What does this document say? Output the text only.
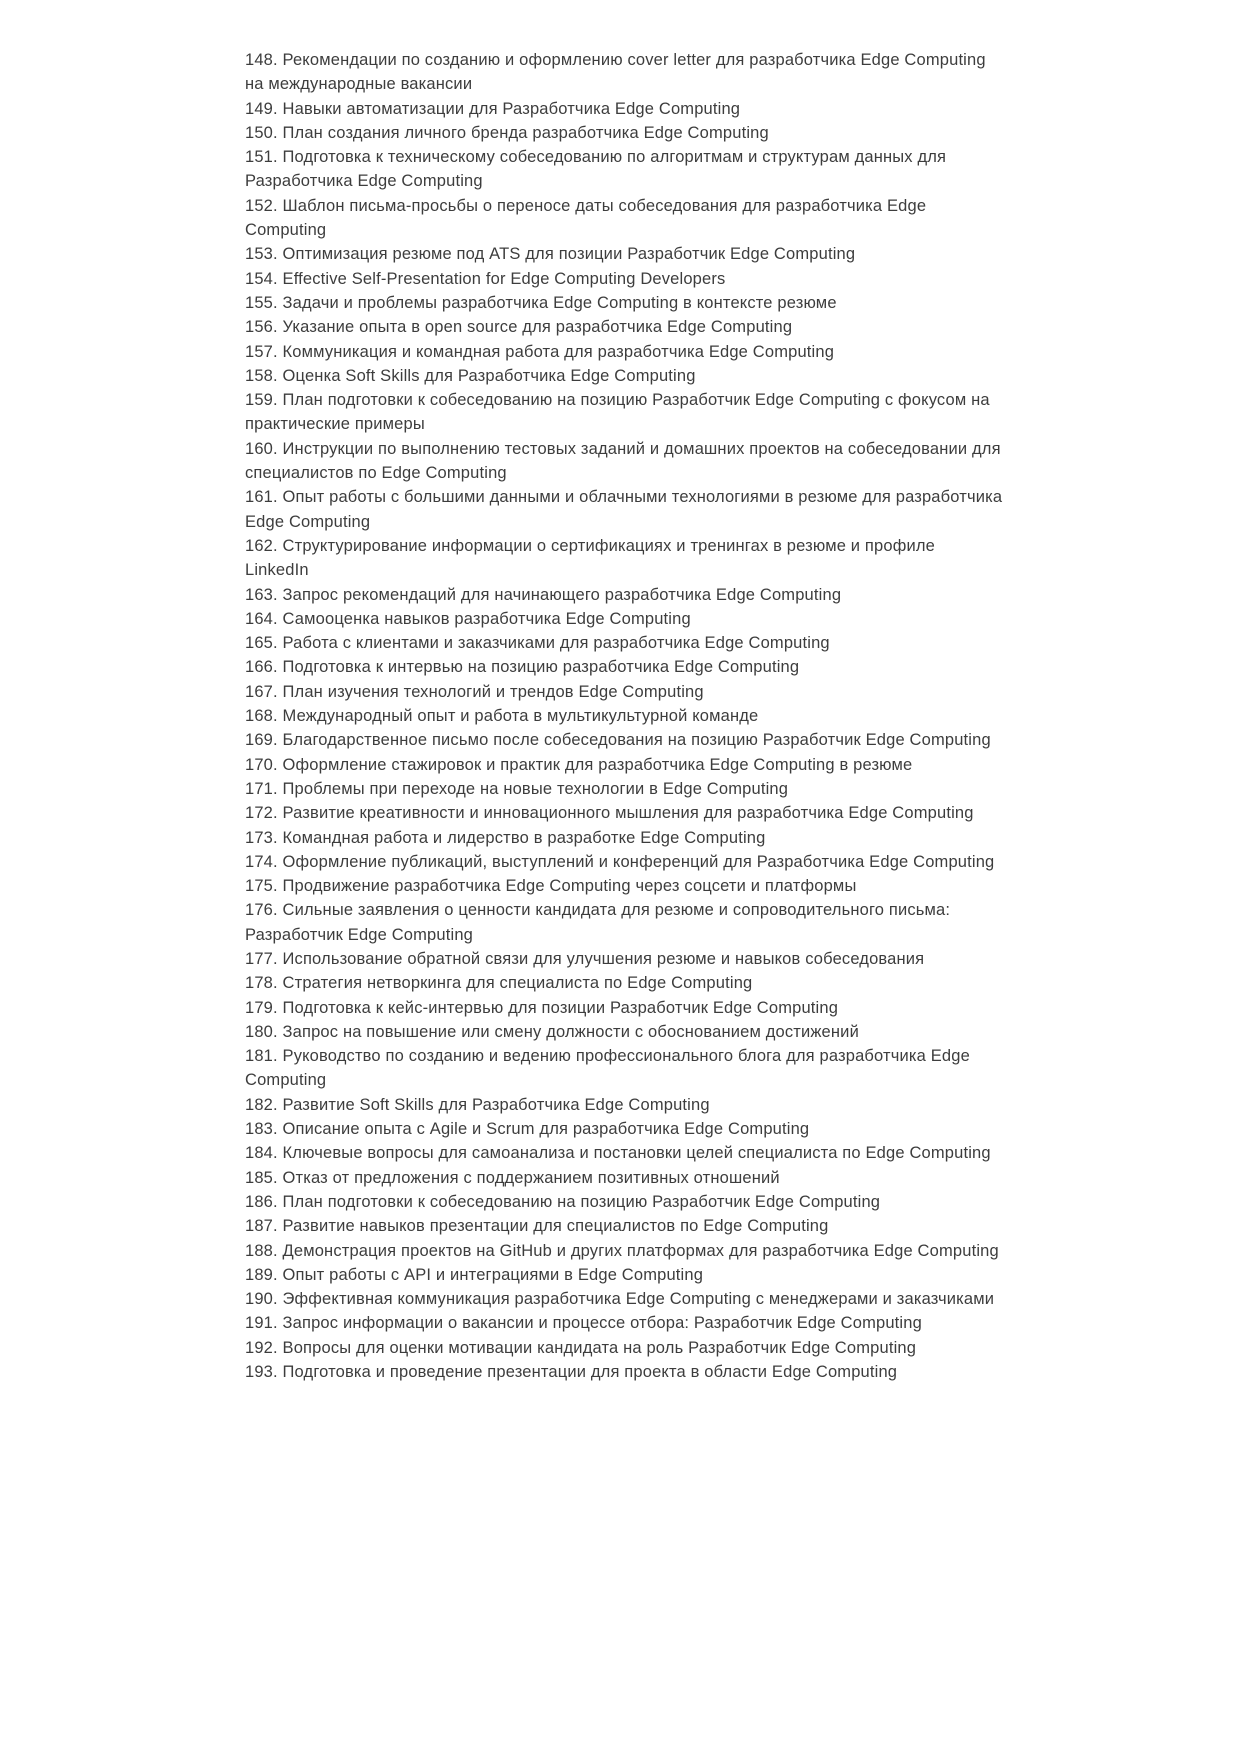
148. Рекомендации по созданию и оформлению cover letter для разработчика Edge Computing на международные вакансии
149. Навыки автоматизации для Разработчика Edge Computing
150. План создания личного бренда разработчика Edge Computing
151. Подготовка к техническому собеседованию по алгоритмам и структурам данных для Разработчика Edge Computing
152. Шаблон письма-просьбы о переносе даты собеседования для разработчика Edge Computing
153. Оптимизация резюме под ATS для позиции Разработчик Edge Computing
154. Effective Self-Presentation for Edge Computing Developers
155. Задачи и проблемы разработчика Edge Computing в контексте резюме
156. Указание опыта в open source для разработчика Edge Computing
157. Коммуникация и командная работа для разработчика Edge Computing
158. Оценка Soft Skills для Разработчика Edge Computing
159. План подготовки к собеседованию на позицию Разработчик Edge Computing с фокусом на практические примеры
160. Инструкции по выполнению тестовых заданий и домашних проектов на собеседовании для специалистов по Edge Computing
161. Опыт работы с большими данными и облачными технологиями в резюме для разработчика Edge Computing
162. Структурирование информации о сертификациях и тренингах в резюме и профиле LinkedIn
163. Запрос рекомендаций для начинающего разработчика Edge Computing
164. Самооценка навыков разработчика Edge Computing
165. Работа с клиентами и заказчиками для разработчика Edge Computing
166. Подготовка к интервью на позицию разработчика Edge Computing
167. План изучения технологий и трендов Edge Computing
168. Международный опыт и работа в мультикультурной команде
169. Благодарственное письмо после собеседования на позицию Разработчик Edge Computing
170. Оформление стажировок и практик для разработчика Edge Computing в резюме
171. Проблемы при переходе на новые технологии в Edge Computing
172. Развитие креативности и инновационного мышления для разработчика Edge Computing
173. Командная работа и лидерство в разработке Edge Computing
174. Оформление публикаций, выступлений и конференций для Разработчика Edge Computing
175. Продвижение разработчика Edge Computing через соцсети и платформы
176. Сильные заявления о ценности кандидата для резюме и сопроводительного письма: Разработчик Edge Computing
177. Использование обратной связи для улучшения резюме и навыков собеседования
178. Стратегия нетворкинга для специалиста по Edge Computing
179. Подготовка к кейс-интервью для позиции Разработчик Edge Computing
180. Запрос на повышение или смену должности с обоснованием достижений
181. Руководство по созданию и ведению профессионального блога для разработчика Edge Computing
182. Развитие Soft Skills для Разработчика Edge Computing
183. Описание опыта с Agile и Scrum для разработчика Edge Computing
184. Ключевые вопросы для самоанализа и постановки целей специалиста по Edge Computing
185. Отказ от предложения с поддержанием позитивных отношений
186. План подготовки к собеседованию на позицию Разработчик Edge Computing
187. Развитие навыков презентации для специалистов по Edge Computing
188. Демонстрация проектов на GitHub и других платформах для разработчика Edge Computing
189. Опыт работы с API и интеграциями в Edge Computing
190. Эффективная коммуникация разработчика Edge Computing с менеджерами и заказчиками
191. Запрос информации о вакансии и процессе отбора: Разработчик Edge Computing
192. Вопросы для оценки мотивации кандидата на роль Разработчик Edge Computing
193. Подготовка и проведение презентации для проекта в области Edge Computing
